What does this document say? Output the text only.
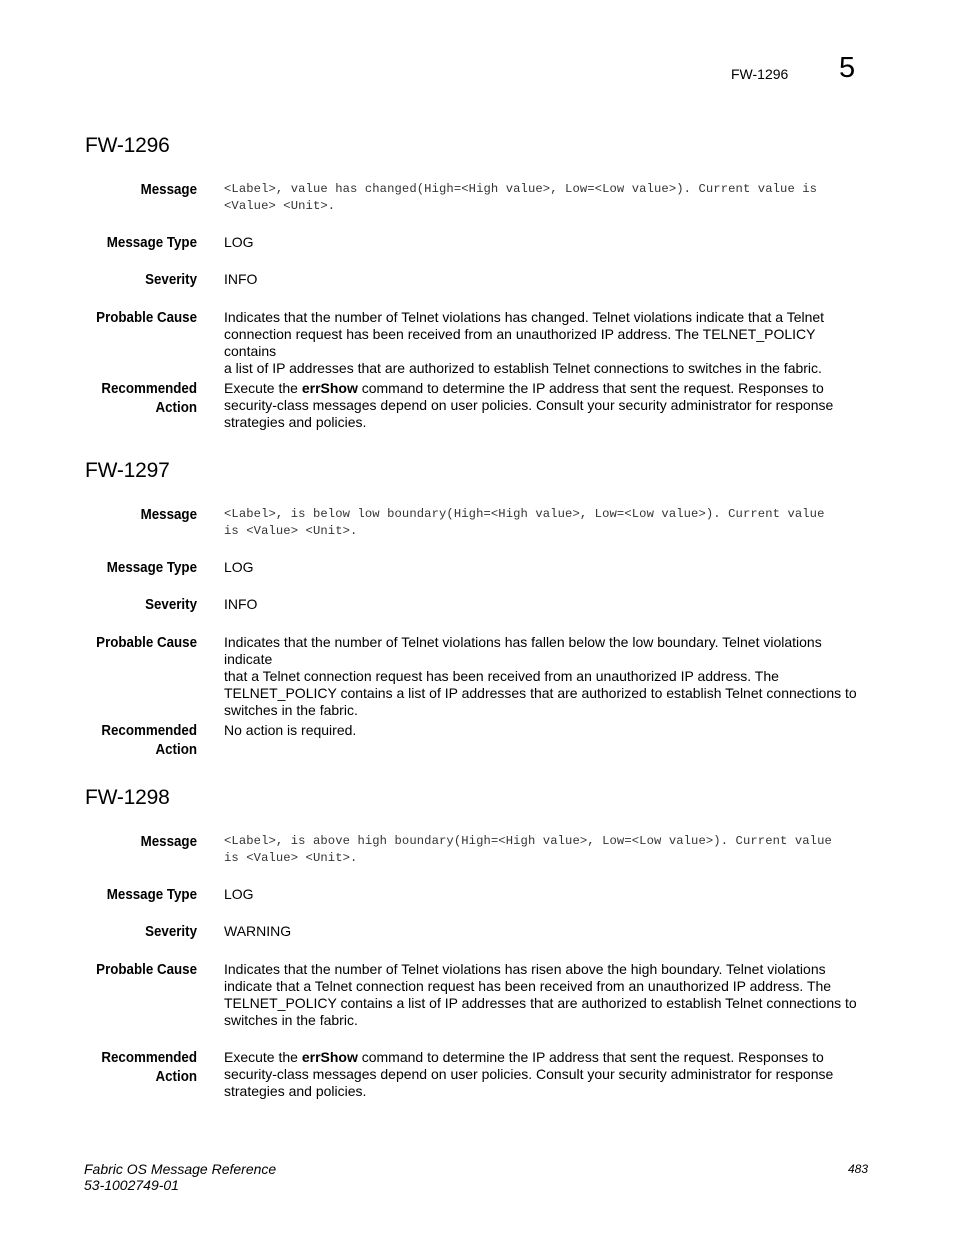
FW-1296 5
FW-1296
Message <Label>, value has changed(High=<High value>, Low=<Low value>). Current value is
<Value> <Unit>.
Message Type LOG
Severity INFO
Probable Cause Indicates that the number of Telnet violations has changed. Telnet violations indicate that a Telnet
connection request has been received from an unauthorized IP address. The TELNET_POLICY contains
a list of IP addresses that are authorized to establish Telnet connections to switches in the fabric.
Recommended
Action
Execute the errShow command to determine the IP address that sent the request. Responses to
security-class messages depend on user policies. Consult your security administrator for response
strategies and policies.
FW-1297
Message <Label>, is below low boundary(High=<High value>, Low=<Low value>). Current value
is <Value> <Unit>.
Message Type LOG
Severity INFO
Probable Cause Indicates that the number of Telnet violations has fallen below the low boundary. Telnet violations indicate
that a Telnet connection request has been received from an unauthorized IP address. The
TELNET_POLICY contains a list of IP addresses that are authorized to establish Telnet connections to
switches in the fabric.
Recommended
Action
No action is required.
FW-1298
Message <Label>, is above high boundary(High=<High value>, Low=<Low value>). Current value
is <Value> <Unit>.
Message Type LOG
Severity WARNING
Probable Cause Indicates that the number of Telnet violations has risen above the high boundary. Telnet violations
indicate that a Telnet connection request has been received from an unauthorized IP address. The
TELNET_POLICY contains a list of IP addresses that are authorized to establish Telnet connections to
switches in the fabric.
Recommended
Action
Execute the errShow command to determine the IP address that sent the request. Responses to
security-class messages depend on user policies. Consult your security administrator for response
strategies and policies.
Fabric OS Message Reference
53-1002749-01
483
